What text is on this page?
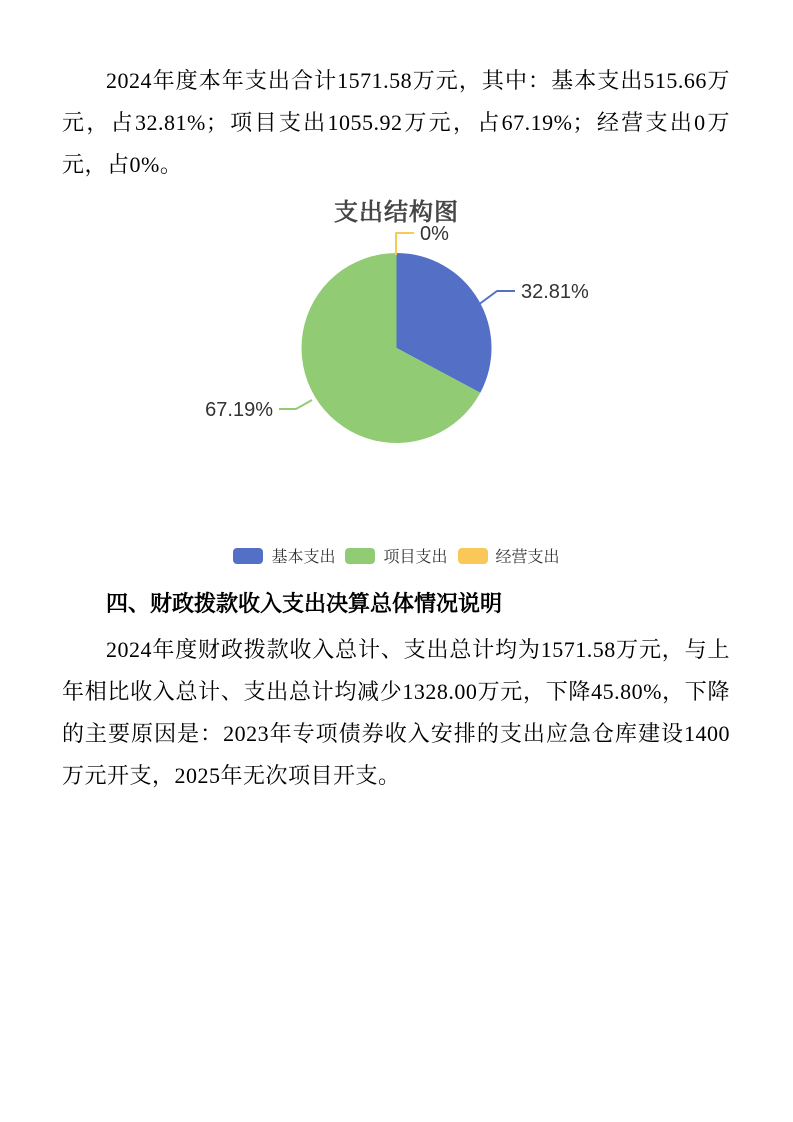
2024年度本年支出合计1571.58万元，其中：基本支出515.66万元，占32.81%；项目支出1055.92万元，占67.19%；经营支出0万元，占0%。

支出结构图
0%
32.81%
67.19%
基本支出	项目支出	经营支出
四、财政拨款收入支出决算总体情况说明

2024年度财政拨款收入总计、支出总计均为1571.58万元，与上年相比收入总计、支出总计均减少1328.00万元，下降45.80%，下降的主要原因是：2023年专项债券收入安排的支出应急仓库建设1400万元开支，2025年无次项目开支。
